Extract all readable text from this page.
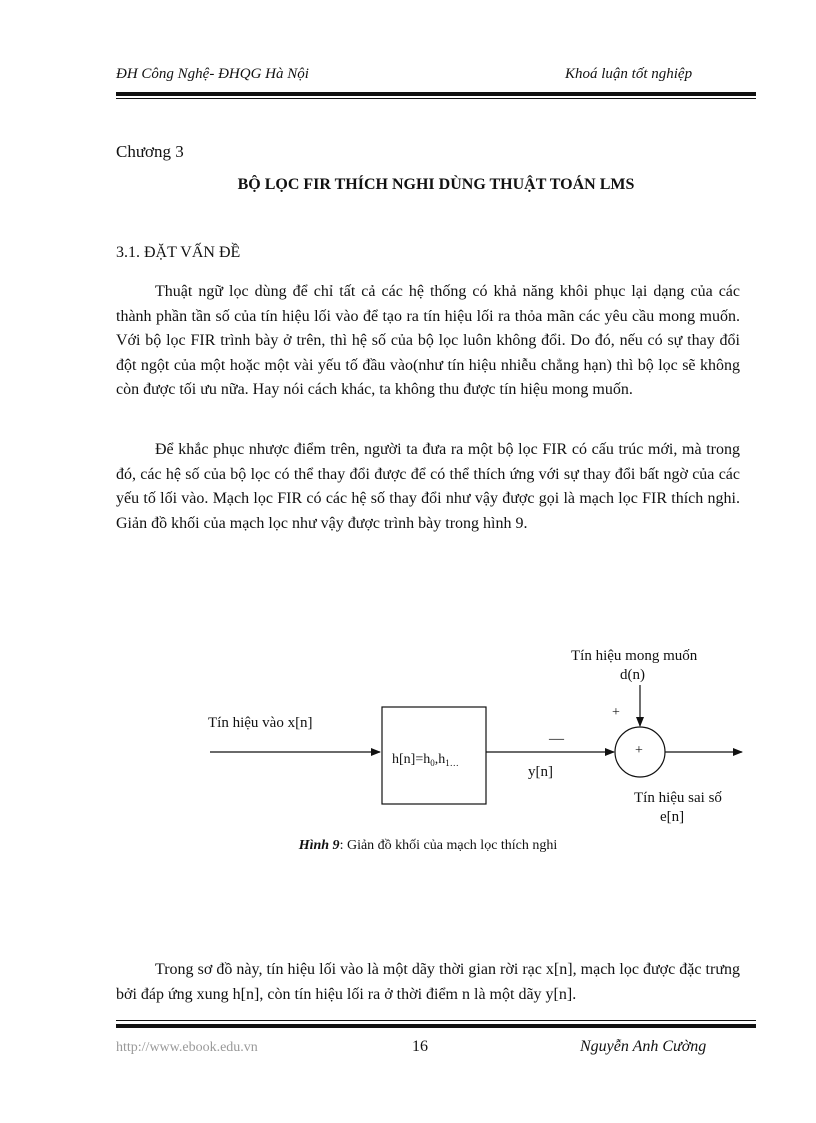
ĐH Công Nghệ- ĐHQG Hà Nội	Khoá luận tốt nghiệp
Chương 3
BỘ LỌC FIR THÍCH NGHI DÙNG THUẬT TOÁN LMS
3.1. ĐẶT VẤN ĐỀ

Thuật ngữ lọc dùng để chỉ tất cả các hệ thống có khả năng khôi phục lại dạng của các thành phần tần số của tín hiệu lối vào để tạo ra tín hiệu lối ra thỏa mãn các yêu cầu mong muốn. Với bộ lọc FIR trình bày ở trên, thì hệ số của bộ lọc luôn không đổi. Do đó, nếu có sự thay đổi đột ngột của một hoặc một vài yếu tố đầu vào(như tín hiệu nhiễu chẳng hạn) thì bộ lọc sẽ không còn được tối ưu nữa. Hay nói cách khác, ta không thu được tín hiệu mong muốn.

Để khắc phục nhược điểm trên, người ta đưa ra một bộ lọc FIR có cấu trúc mới, mà trong đó, các hệ số của bộ lọc có thể thay đổi được để có thể thích ứng với sự thay đổi bất ngờ của các yếu tố lối vào. Mạch lọc FIR có các hệ số thay đổi như vậy được gọi là mạch lọc FIR thích nghi. Giản đồ khối của mạch lọc như vậy được trình bày trong hình 9.

Tín hiệu vào x[n]
$h[n]=h_0,h_{1\dots}$
y[n]
—
+
Tín hiệu mong muốn
d(n)
+
Tín hiệu sai số
e[n]
Hình 9: Giản đồ khối của mạch lọc thích nghi

Trong sơ đồ này, tín hiệu lối vào là một dãy thời gian rời rạc x[n], mạch lọc được đặc trưng bởi đáp ứng xung h[n], còn tín hiệu lối ra ở thời điểm n là một dãy y[n].

http://www.ebook.edu.vn	16	Nguyễn Anh Cường
